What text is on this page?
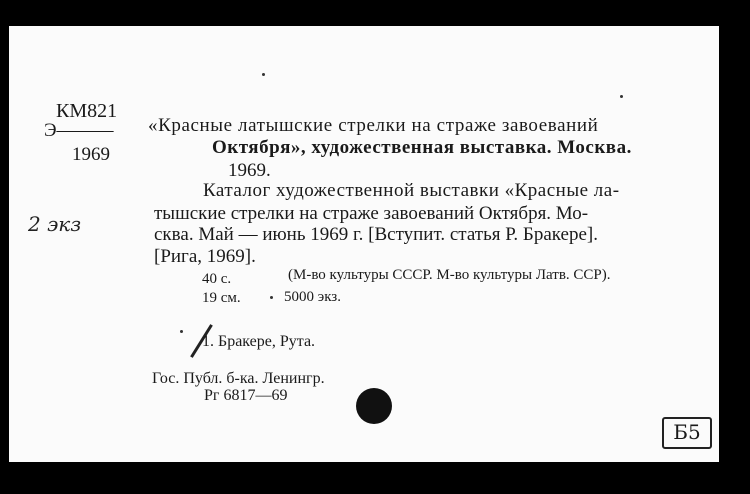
КМ821
Э———
1969
2 экз
«Красные латышские стрелки на страже завоеваний
Октября», художественная выставка. Москва.
1969.
Каталог художественной выставки «Красные ла-
тышские стрелки на страже завоеваний Октября. Мо-
сква. Май — июнь 1969 г. [Вступит. статья Р. Бракере].
[Рига, 1969].
40 с.	(М-во культуры СССР. М-во культуры Латв. ССР).
19 см.	5000 экз.
1. Бракере, Рута.
Гос. Публ. б-ка. Ленингр.
Рг 6817—69
Б5
